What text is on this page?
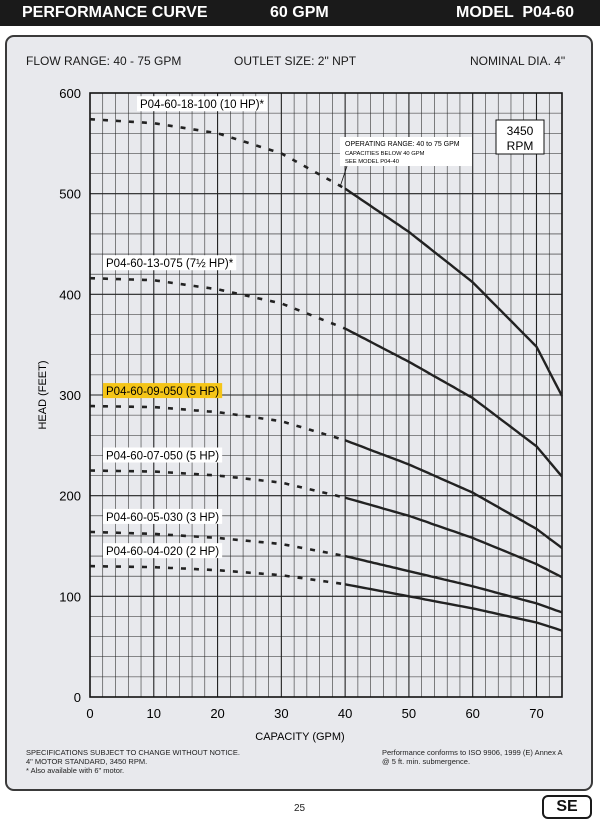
PERFORMANCE CURVE	60 GPM	MODEL  P04-60
FLOW RANGE: 40 - 75 GPM	OUTLET SIZE: 2" NPT	NOMINAL DIA. 4"
0	10	20	30	40	50	60	70
0
100
200
300
400
500
600
P04-60-18-100 (10 HP)*
P04-60-13-075 (7½ HP)*
P04-60-09-050 (5 HP)
P04-60-07-050 (5 HP)
P04-60-05-030 (3 HP)
P04-60-04-020 (2 HP)
3450
RPM
OPERATING RANGE: 40 to 75 GPM
CAPACITIES BELOW 40 GPM
SEE MODEL P04-40
CAPACITY (GPM)
HEAD (FEET)
SPECIFICATIONS SUBJECT TO CHANGE WITHOUT NOTICE.
4" MOTOR STANDARD, 3450 RPM.
* Also available with 6" motor.
Performance conforms to ISO 9906, 1999 (E) Annex A
@ 5 ft. min. submergence.
25	SE
